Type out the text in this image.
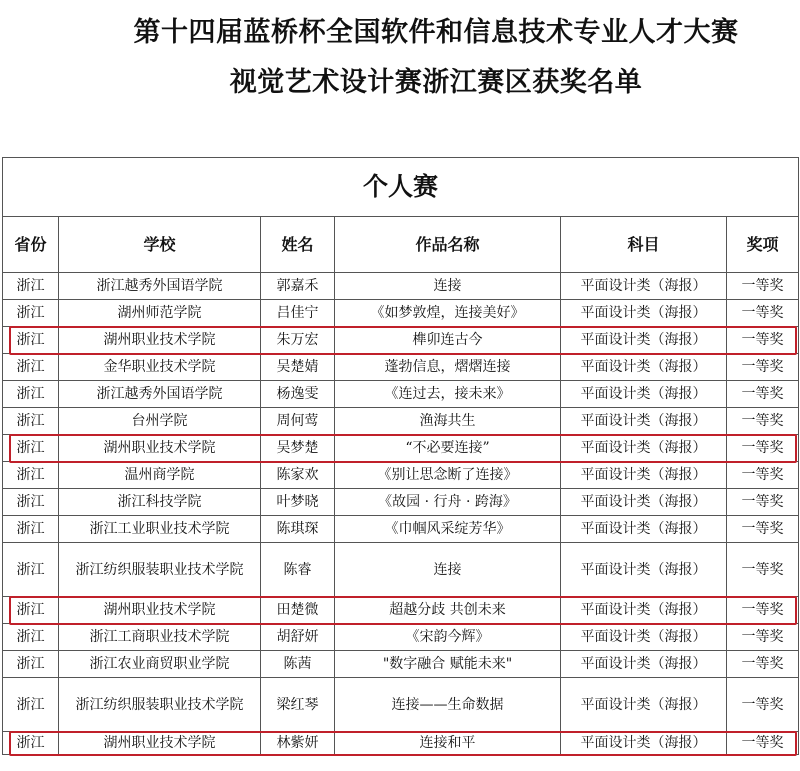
第十四届蓝桥杯全国软件和信息技术专业人才大赛
视觉艺术设计赛浙江赛区获奖名单
个人赛					
省份	学校	姓名	作品名称	科目	奖项
浙江	浙江越秀外国语学院	郭嘉禾	连接	平面设计类（海报）	一等奖
浙江	湖州师范学院	吕佳宁	《如梦敦煌，连接美好》	平面设计类（海报）	一等奖
浙江	湖州职业技术学院	朱万宏	榫卯连古今	平面设计类（海报）	一等奖
浙江	金华职业技术学院	吴楚婧	蓬勃信息，熠熠连接	平面设计类（海报）	一等奖
浙江	浙江越秀外国语学院	杨逸雯	《连过去，接未来》	平面设计类（海报）	一等奖
浙江	台州学院	周何莺	渔海共生	平面设计类（海报）	一等奖
浙江	湖州职业技术学院	吴梦楚	“不必要连接”	平面设计类（海报）	一等奖
浙江	温州商学院	陈家欢	《别让思念断了连接》	平面设计类（海报）	一等奖
浙江	浙江科技学院	叶梦晓	《故园 · 行舟 · 跨海》	平面设计类（海报）	一等奖
浙江	浙江工业职业技术学院	陈琪琛	《巾帼风采绽芳华》	平面设计类（海报）	一等奖
浙江	浙江纺织服装职业技术学院	陈睿	连接	平面设计类（海报）	一等奖
浙江	湖州职业技术学院	田楚微	超越分歧 共创未来	平面设计类（海报）	一等奖
浙江	浙江工商职业技术学院	胡舒妍	《宋韵今辉》	平面设计类（海报）	一等奖
浙江	浙江农业商贸职业学院	陈茜	"数字融合 赋能未来"	平面设计类（海报）	一等奖
浙江	浙江纺织服装职业技术学院	梁红琴	连接——生命数据	平面设计类（海报）	一等奖
浙江	湖州职业技术学院	林紫妍	连接和平	平面设计类（海报）	一等奖
